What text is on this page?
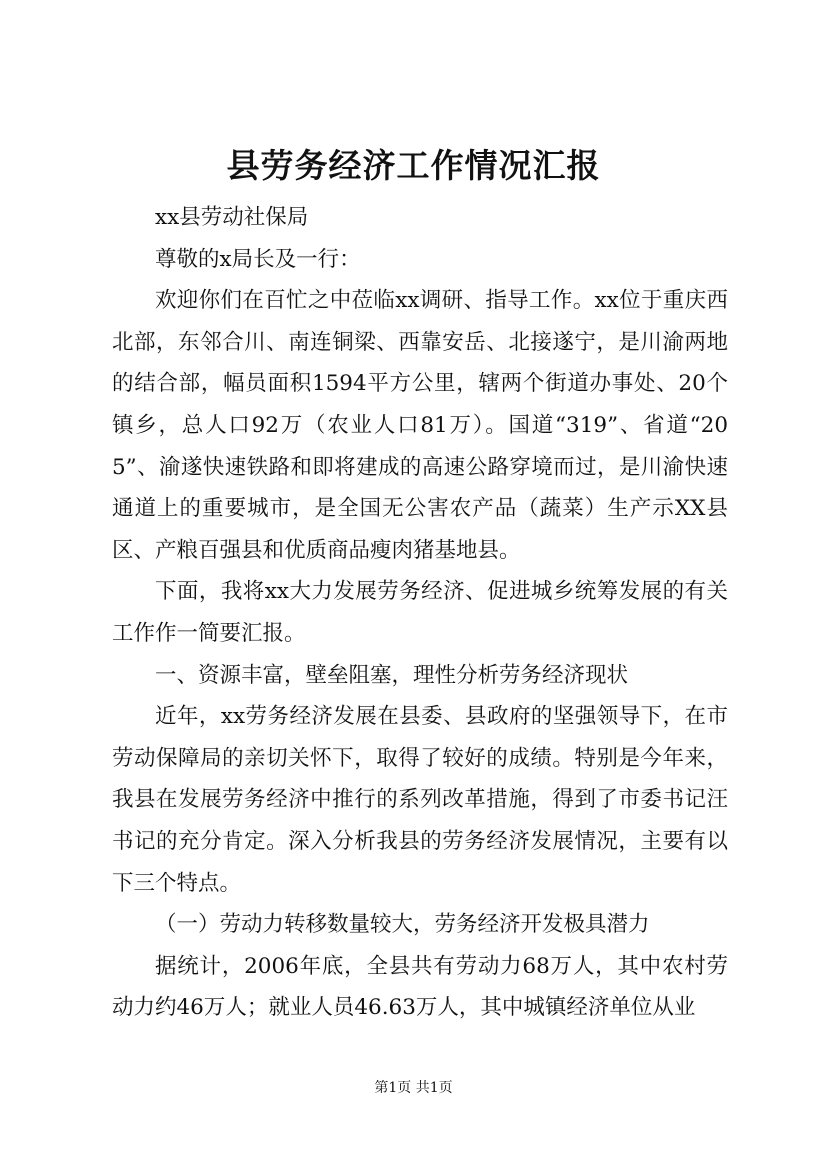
县劳务经济工作情况汇报

xx县劳动社保局

尊敬的x局长及一行：

欢迎你们在百忙之中莅临xx调研、指导工作。xx位于重庆西北部，东邻合川、南连铜梁、西靠安岳、北接遂宁，是川渝两地的结合部，幅员面积1594平方公里，辖两个街道办事处、20个镇乡，总人口92万（农业人口81万）。国道“319”、省道“205”、渝遂快速铁路和即将建成的高速公路穿境而过，是川渝快速通道上的重要城市，是全国无公害农产品（蔬菜）生产示XX县区、产粮百强县和优质商品瘦肉猪基地县。

下面，我将xx大力发展劳务经济、促进城乡统筹发展的有关工作作一简要汇报。

一、资源丰富，壁垒阻塞，理性分析劳务经济现状

近年，xx劳务经济发展在县委、县政府的坚强领导下，在市劳动保障局的亲切关怀下，取得了较好的成绩。特别是今年来，我县在发展劳务经济中推行的系列改革措施，得到了市委书记汪书记的充分肯定。深入分析我县的劳务经济发展情况，主要有以下三个特点。

（一）劳动力转移数量较大，劳务经济开发极具潜力

据统计，2006年底，全县共有劳动力68万人，其中农村劳动力约46万人；就业人员46.63万人，其中城镇经济单位从业

第1页 共1页
